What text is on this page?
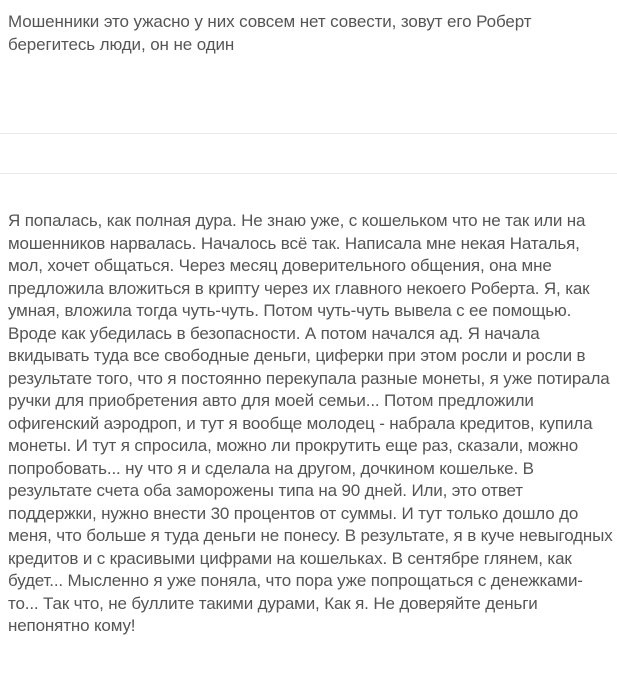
Мошенники это ужасно у них совсем нет совести, зовут его Роберт берегитесь люди, он не один

Я попалась, как полная дура. Не знаю уже, с кошельком что не так или на мошенников нарвалась. Началось всё так. Написала мне некая Наталья, мол, хочет общаться. Через месяц доверительного общения, она мне предложила вложиться в крипту через их главного некоего Роберта. Я, как умная, вложила тогда чуть-чуть. Потом чуть-чуть вывела с ее помощью. Вроде как убедилась в безопасности. А потом начался ад. Я начала вкидывать туда все свободные деньги, циферки при этом росли и росли в результате того, что я постоянно перекупала разные монеты, я уже потирала ручки для приобретения авто для моей семьи... Потом предложили офигенский аэродроп, и тут я вообще молодец - набрала кредитов, купила монеты. И тут я спросила, можно ли прокрутить еще раз, сказали, можно попробовать... ну что я и сделала на другом, дочкином кошельке. В результате счета оба заморожены типа на 90 дней. Или, это ответ поддержки, нужно внести 30 процентов от суммы. И тут только дошло до меня, что больше я туда деньги не понесу. В результате, я в куче невыгодных кредитов и с красивыми цифрами на кошельках. В сентябре глянем, как будет... Мысленно я уже поняла, что пора уже попрощаться с денежками-то... Так что, не буллите такими дурами, Как я. Не доверяйте деньги непонятно кому!
